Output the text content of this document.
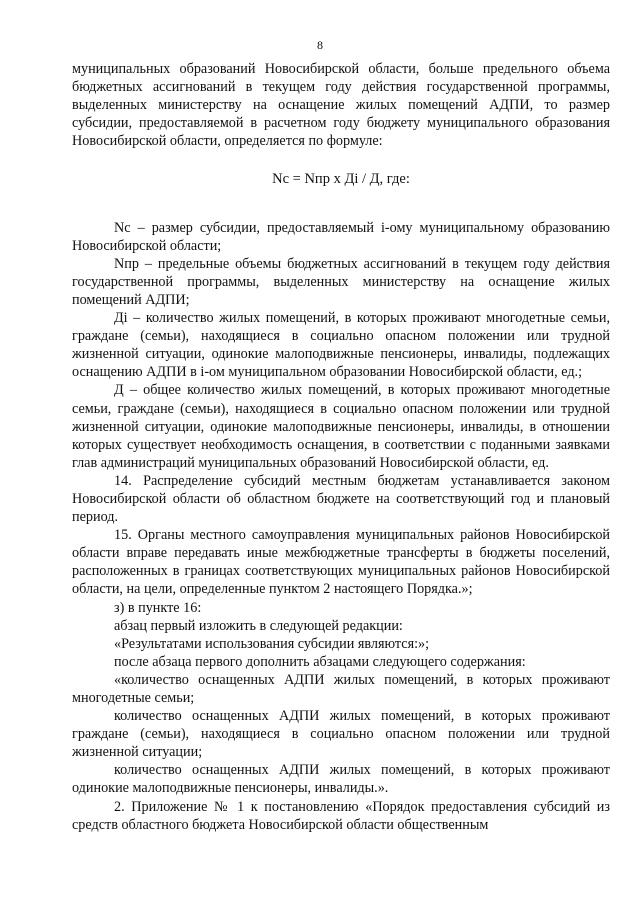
8

муниципальных образований Новосибирской области, больше предельного объема бюджетных ассигнований в текущем году действия государственной программы, выделенных министерству на оснащение жилых помещений АДПИ, то размер субсидии, предоставляемой в расчетном году бюджету муниципального образования Новосибирской области, определяется по формуле:

Nc = Nпр x Дi / Д, где:

Nc – размер субсидии, предоставляемый i-ому муниципальному образованию Новосибирской области;

Nпр – предельные объемы бюджетных ассигнований в текущем году действия государственной программы, выделенных министерству на оснащение жилых помещений АДПИ;

Дi – количество жилых помещений, в которых проживают многодетные семьи, граждане (семьи), находящиеся в социально опасном положении или трудной жизненной ситуации, одинокие малоподвижные пенсионеры, инвалиды, подлежащих оснащению АДПИ в i-ом муниципальном образовании Новосибирской области, ед.;

Д – общее количество жилых помещений, в которых проживают многодетные семьи, граждане (семьи), находящиеся в социально опасном положении или трудной жизненной ситуации, одинокие малоподвижные пенсионеры, инвалиды, в отношении которых существует необходимость оснащения, в соответствии с поданными заявками глав администраций муниципальных образований Новосибирской области, ед.

14. Распределение субсидий местным бюджетам устанавливается законом Новосибирской области об областном бюджете на соответствующий год и плановый период.

15. Органы местного самоуправления муниципальных районов Новосибирской области вправе передавать иные межбюджетные трансферты в бюджеты поселений, расположенных в границах соответствующих муниципальных районов Новосибирской области, на цели, определенные пунктом 2 настоящего Порядка.»;

з) в пункте 16:

абзац первый изложить в следующей редакции:

«Результатами использования субсидии являются:»;

после абзаца первого дополнить абзацами следующего содержания:

«количество оснащенных АДПИ жилых помещений, в которых проживают многодетные семьи;

количество оснащенных АДПИ жилых помещений, в которых проживают граждане (семьи), находящиеся в социально опасном положении или трудной жизненной ситуации;

количество оснащенных АДПИ жилых помещений, в которых проживают одинокие малоподвижные пенсионеры, инвалиды.».

2. Приложение № 1 к постановлению «Порядок предоставления субсидий из средств областного бюджета Новосибирской области общественным
